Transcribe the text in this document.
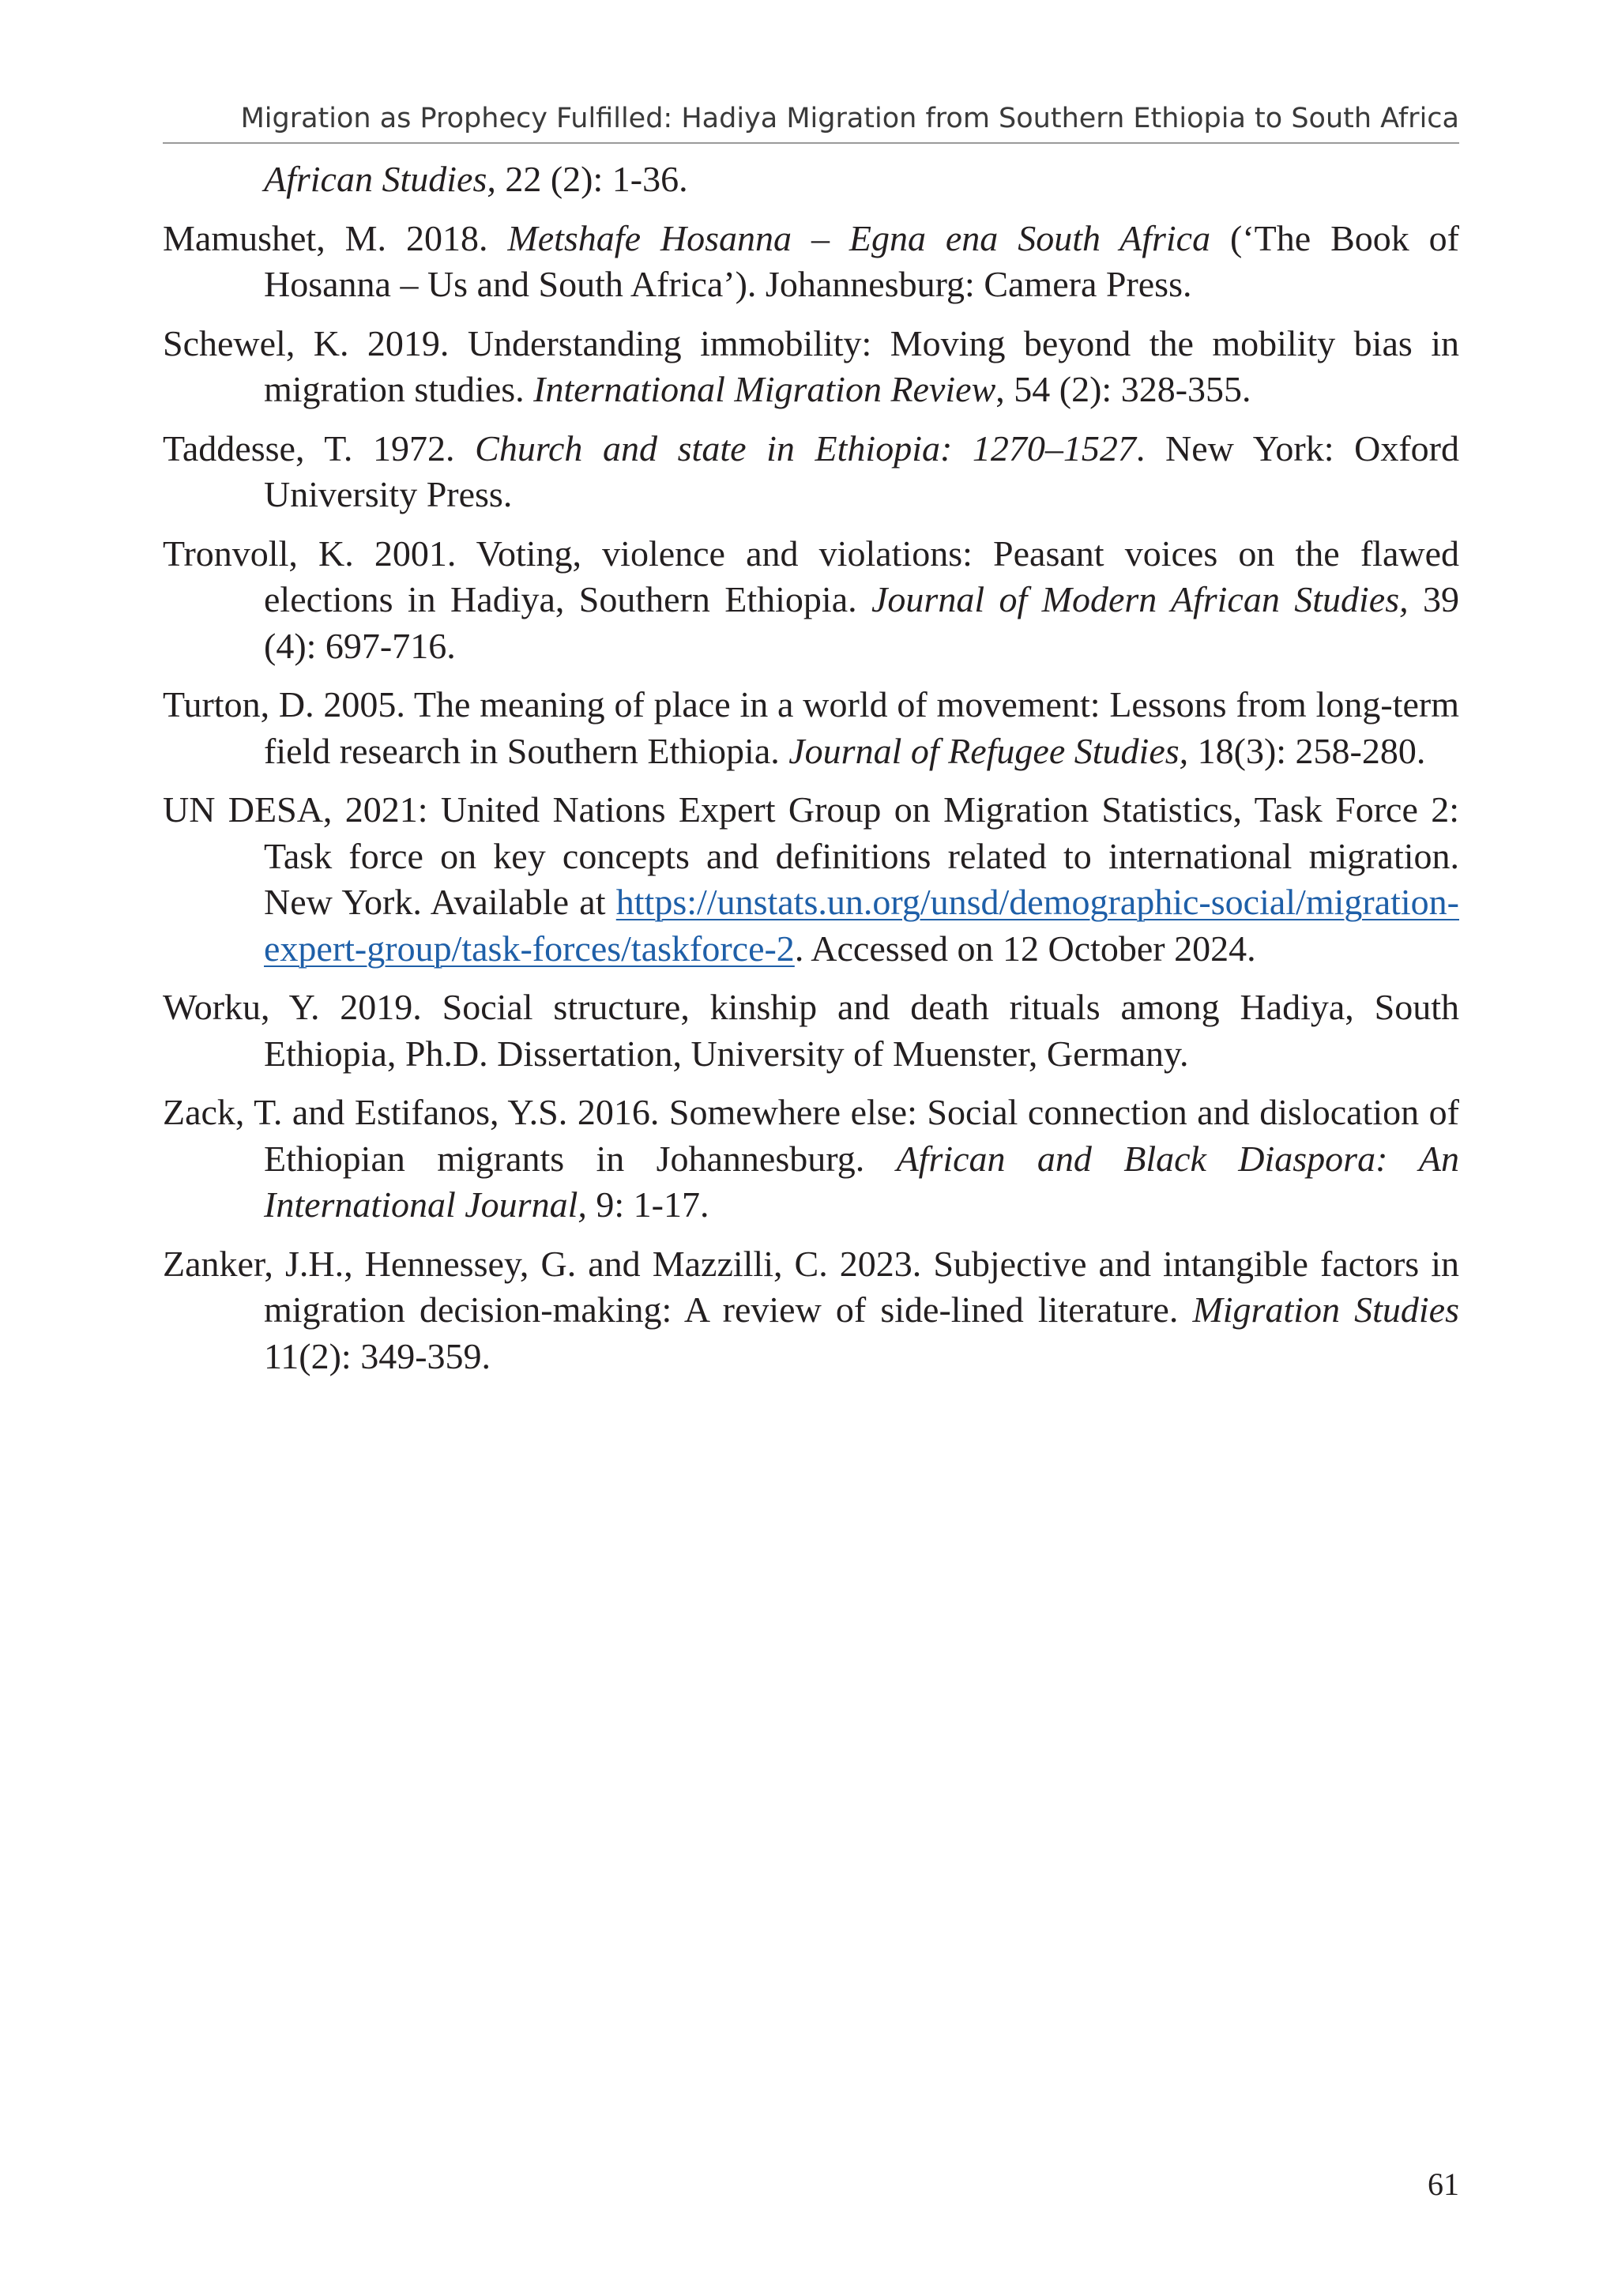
Migration as Prophecy Fulfilled: Hadiya Migration from Southern Ethiopia to South Africa

African Studies, 22 (2): 1-36.

Mamushet, M. 2018. Metshafe Hosanna – Egna ena South Africa (‘The Book of Hosanna – Us and South Africa’). Johannesburg: Camera Press.

Schewel, K. 2019. Understanding immobility: Moving beyond the mobility bias in migration studies. International Migration Review, 54 (2): 328-355.

Taddesse, T. 1972. Church and state in Ethiopia: 1270–1527. New York: Oxford University Press.

Tronvoll, K. 2001. Voting, violence and violations: Peasant voices on the flawed elections in Hadiya, Southern Ethiopia. Journal of Modern African Studies, 39 (4): 697-716.

Turton, D. 2005. The meaning of place in a world of movement: Lessons from long-term field research in Southern Ethiopia. Journal of Refugee Studies, 18(3): 258-280.

UN DESA, 2021: United Nations Expert Group on Migration Statistics, Task Force 2: Task force on key concepts and definitions related to international migration. New York. Available at https://unstats.un.org/unsd/demographic-social/migration-expert-group/task-forces/taskforce-2. Accessed on 12 October 2024.

Worku, Y. 2019. Social structure, kinship and death rituals among Hadiya, South Ethiopia, Ph.D. Dissertation, University of Muenster, Germany.

Zack, T. and Estifanos, Y.S. 2016. Somewhere else: Social connection and dislocation of Ethiopian migrants in Johannesburg. African and Black Diaspora: An International Journal, 9: 1-17.

Zanker, J.H., Hennessey, G. and Mazzilli, C. 2023. Subjective and intangible factors in migration decision-making: A review of side-lined literature. Migration Studies 11(2): 349-359.

61
